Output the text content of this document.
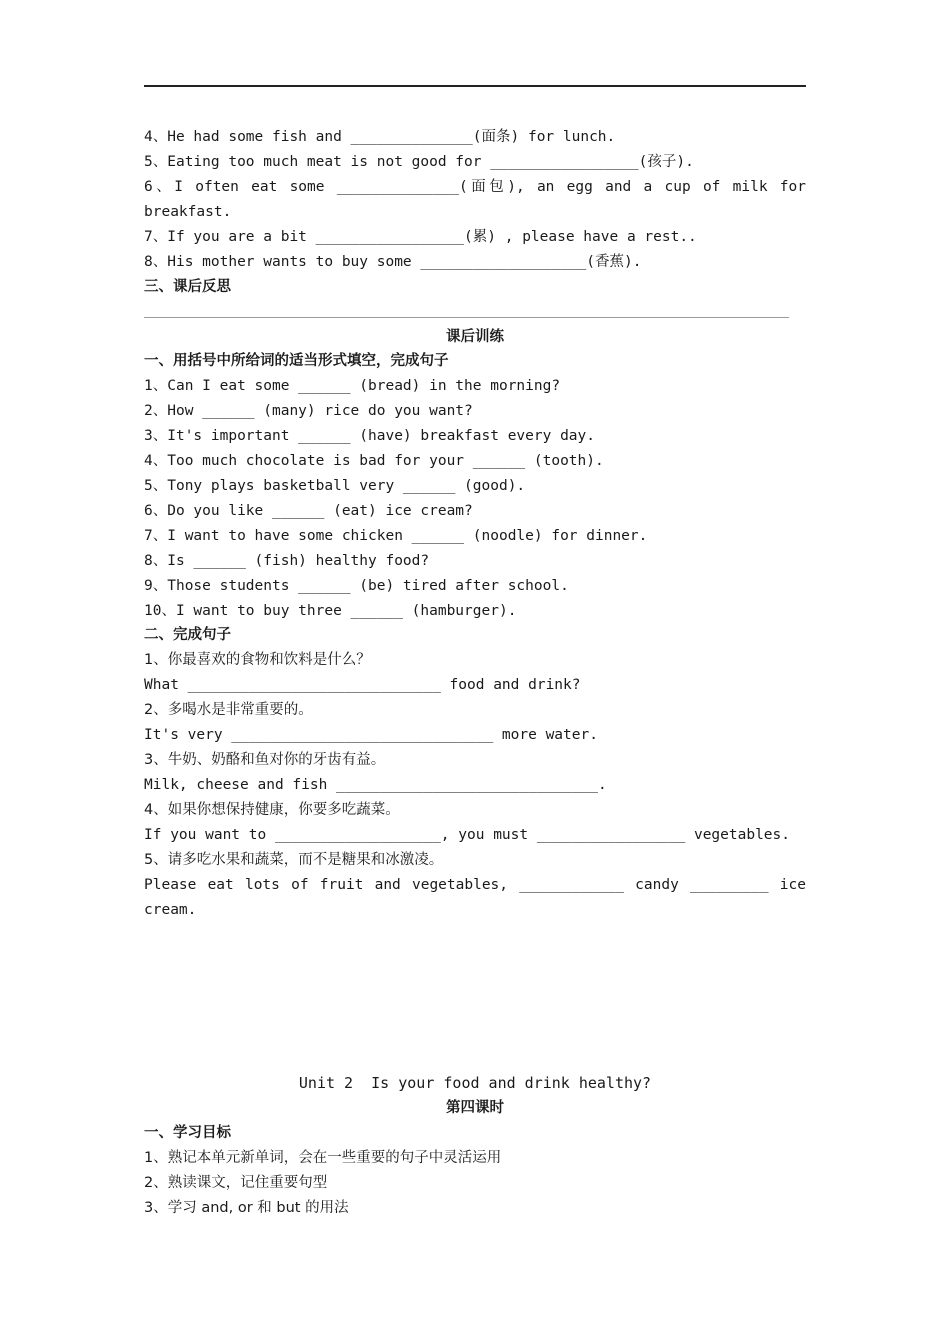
4、He had some fish and ______________(面条) for lunch.
5、Eating too much meat is not good for _________________(孩子).
6、I often eat some ______________(面包), an egg and a cup of milk for
breakfast.
7、If you are a bit _________________(累) , please have a rest..
8、His mother wants to buy some ___________________(香蕉).
三、课后反思
课后训练
一、用括号中所给词的适当形式填空，完成句子
1、Can I eat some ______ (bread) in the morning?
2、How ______ (many) rice do you want?
3、It's important ______ (have) breakfast every day.
4、Too much chocolate is bad for your ______ (tooth).
5、Tony plays basketball very ______ (good).
6、Do you like ______ (eat) ice cream?
7、I want to have some chicken ______ (noodle) for dinner.
8、Is ______ (fish) healthy food?
9、Those students ______ (be) tired after school.
10、I want to buy three ______ (hamburger).
二、完成句子
1、你最喜欢的食物和饮料是什么？
What _____________________________ food and drink?
2、多喝水是非常重要的。
It's very ______________________________ more water.
3、牛奶、奶酪和鱼对你的牙齿有益。
Milk, cheese and fish ______________________________.
4、如果你想保持健康，你要多吃蔬菜。
If you want to ___________________, you must _________________ vegetables.
5、请多吃水果和蔬菜，而不是糖果和冰激凌。
Please eat lots of fruit and vegetables, ____________ candy _________ ice
cream.
Unit 2  Is your food and drink healthy?
第四课时
一、学习目标
1、熟记本单元新单词，会在一些重要的句子中灵活运用
2、熟读课文，记住重要句型
3、学习 and, or 和 but 的用法
